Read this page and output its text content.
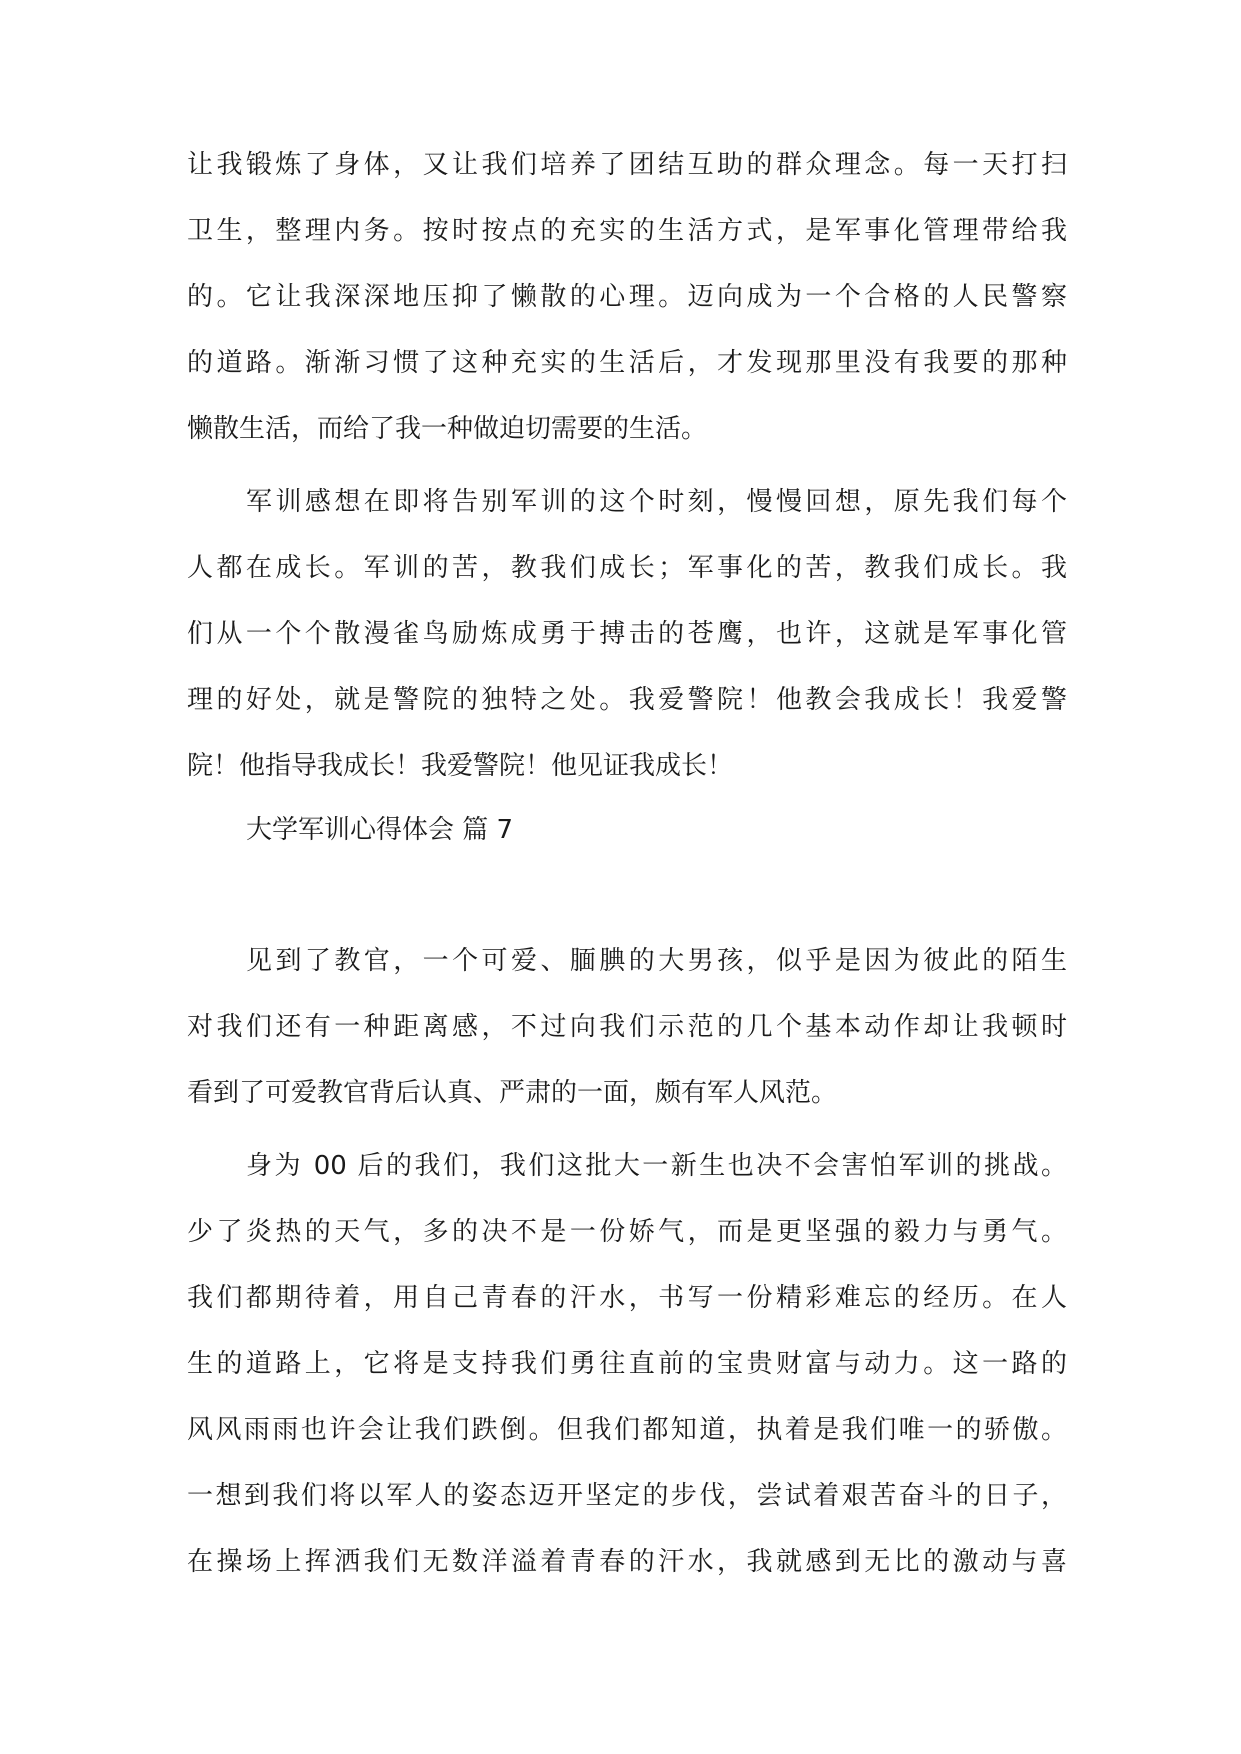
让我锻炼了身体，又让我们培养了团结互助的群众理念。每一天打扫
卫生，整理内务。按时按点的充实的生活方式，是军事化管理带给我
的。它让我深深地压抑了懒散的心理。迈向成为一个合格的人民警察
的道路。渐渐习惯了这种充实的生活后，才发现那里没有我要的那种
懒散生活，而给了我一种做迫切需要的生活。
军训感想在即将告别军训的这个时刻，慢慢回想，原先我们每个
人都在成长。军训的苦，教我们成长；军事化的苦，教我们成长。我
们从一个个散漫雀鸟励炼成勇于搏击的苍鹰，也许，这就是军事化管
理的好处，就是警院的独特之处。我爱警院！他教会我成长！我爱警
院！他指导我成长！我爱警院！他见证我成长！
大学军训心得体会 篇 7
见到了教官，一个可爱、腼腆的大男孩，似乎是因为彼此的陌生
对我们还有一种距离感，不过向我们示范的几个基本动作却让我顿时
看到了可爱教官背后认真、严肃的一面，颇有军人风范。
身为 00 后的我们，我们这批大一新生也决不会害怕军训的挑战。
少了炎热的天气，多的决不是一份娇气，而是更坚强的毅力与勇气。
我们都期待着，用自己青春的汗水，书写一份精彩难忘的经历。在人
生的道路上，它将是支持我们勇往直前的宝贵财富与动力。这一路的
风风雨雨也许会让我们跌倒。但我们都知道，执着是我们唯一的骄傲。
一想到我们将以军人的姿态迈开坚定的步伐，尝试着艰苦奋斗的日子，
在操场上挥洒我们无数洋溢着青春的汗水，我就感到无比的激动与喜
